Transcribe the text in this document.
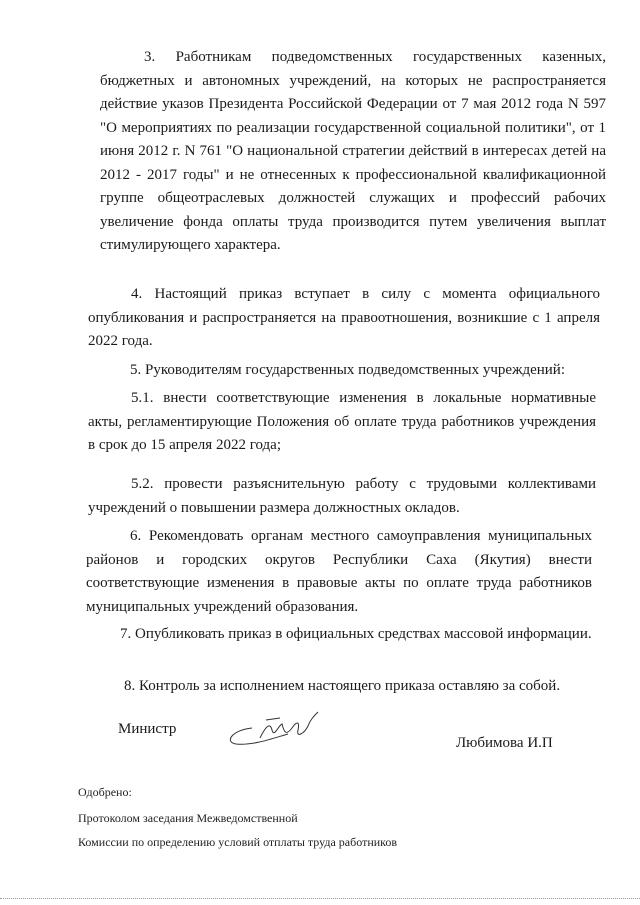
3. Работникам подведомственных государственных казенных, бюджетных и автономных учреждений, на которых не распространяется действие указов Президента Российской Федерации от 7 мая 2012 года N 597 "О мероприятиях по реализации государственной социальной политики", от 1 июня 2012 г. N 761 "О национальной стратегии действий в интересах детей на 2012 - 2017 годы" и не отнесенных к профессиональной квалификационной группе общеотраслевых должностей служащих и профессий рабочих увеличение фонда оплаты труда производится путем увеличения выплат стимулирующего характера.

4. Настоящий приказ вступает в силу с момента официального опубликования и распространяется на правоотношения, возникшие с 1 апреля 2022 года.

5. Руководителям государственных подведомственных учреждений:

5.1. внести соответствующие изменения в локальные нормативные акты, регламентирующие Положения об оплате труда работников учреждения в срок до 15 апреля 2022 года;

5.2. провести разъяснительную работу с трудовыми коллективами учреждений о повышении размера должностных окладов.

6. Рекомендовать органам местного самоуправления муниципальных районов и городских округов Республики Саха (Якутия) внести соответствующие изменения в правовые акты по оплате труда работников муниципальных учреждений образования.

7. Опубликовать приказ в официальных средствах массовой информации.

8. Контроль за исполнением настоящего приказа оставляю за собой.

Министр
Любимова И.П
Одобрено:
Протоколом заседания Межведомственной
Комиссии по определению условий отплаты труда работников
